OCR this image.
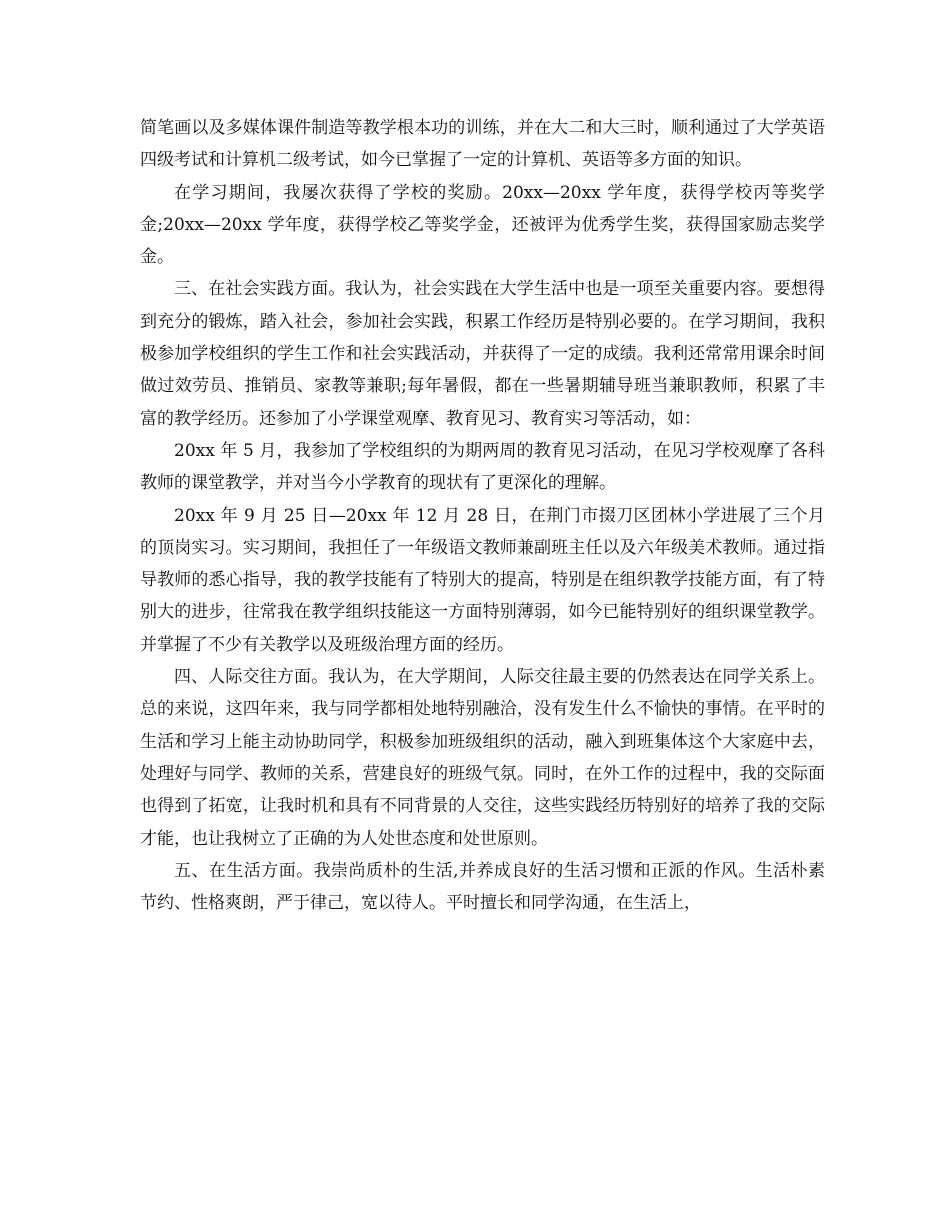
简笔画以及多媒体课件制造等教学根本功的训练，并在大二和大三时，顺利通过了大学英语四级考试和计算机二级考试，如今已掌握了一定的计算机、英语等多方面的知识。

在学习期间，我屡次获得了学校的奖励。20xx—20xx 学年度，获得学校丙等奖学金;20xx—20xx 学年度，获得学校乙等奖学金，还被评为优秀学生奖，获得国家励志奖学金。

三、在社会实践方面。我认为，社会实践在大学生活中也是一项至关重要内容。要想得到充分的锻炼，踏入社会，参加社会实践，积累工作经历是特别必要的。在学习期间，我积极参加学校组织的学生工作和社会实践活动，并获得了一定的成绩。我利还常常用课余时间做过效劳员、推销员、家教等兼职;每年暑假，都在一些暑期辅导班当兼职教师，积累了丰富的教学经历。还参加了小学课堂观摩、教育见习、教育实习等活动，如：

20xx 年 5 月，我参加了学校组织的为期两周的教育见习活动，在见习学校观摩了各科教师的课堂教学，并对当今小学教育的现状有了更深化的理解。

20xx 年 9 月 25 日—20xx 年 12 月 28 日，在荆门市掇刀区团林小学进展了三个月的顶岗实习。实习期间，我担任了一年级语文教师兼副班主任以及六年级美术教师。通过指导教师的悉心指导，我的教学技能有了特别大的提高，特别是在组织教学技能方面，有了特别大的进步，往常我在教学组织技能这一方面特别薄弱，如今已能特别好的组织课堂教学。并掌握了不少有关教学以及班级治理方面的经历。

四、人际交往方面。我认为，在大学期间，人际交往最主要的仍然表达在同学关系上。总的来说，这四年来，我与同学都相处地特别融洽，没有发生什么不愉快的事情。在平时的生活和学习上能主动协助同学，积极参加班级组织的活动，融入到班集体这个大家庭中去，处理好与同学、教师的关系，营建良好的班级气氛。同时，在外工作的过程中，我的交际面也得到了拓宽，让我时机和具有不同背景的人交往，这些实践经历特别好的培养了我的交际才能，也让我树立了正确的为人处世态度和处世原则。

五、在生活方面。我崇尚质朴的生活,并养成良好的生活习惯和正派的作风。生活朴素节约、性格爽朗，严于律己，宽以待人。平时擅长和同学沟通，在生活上，
